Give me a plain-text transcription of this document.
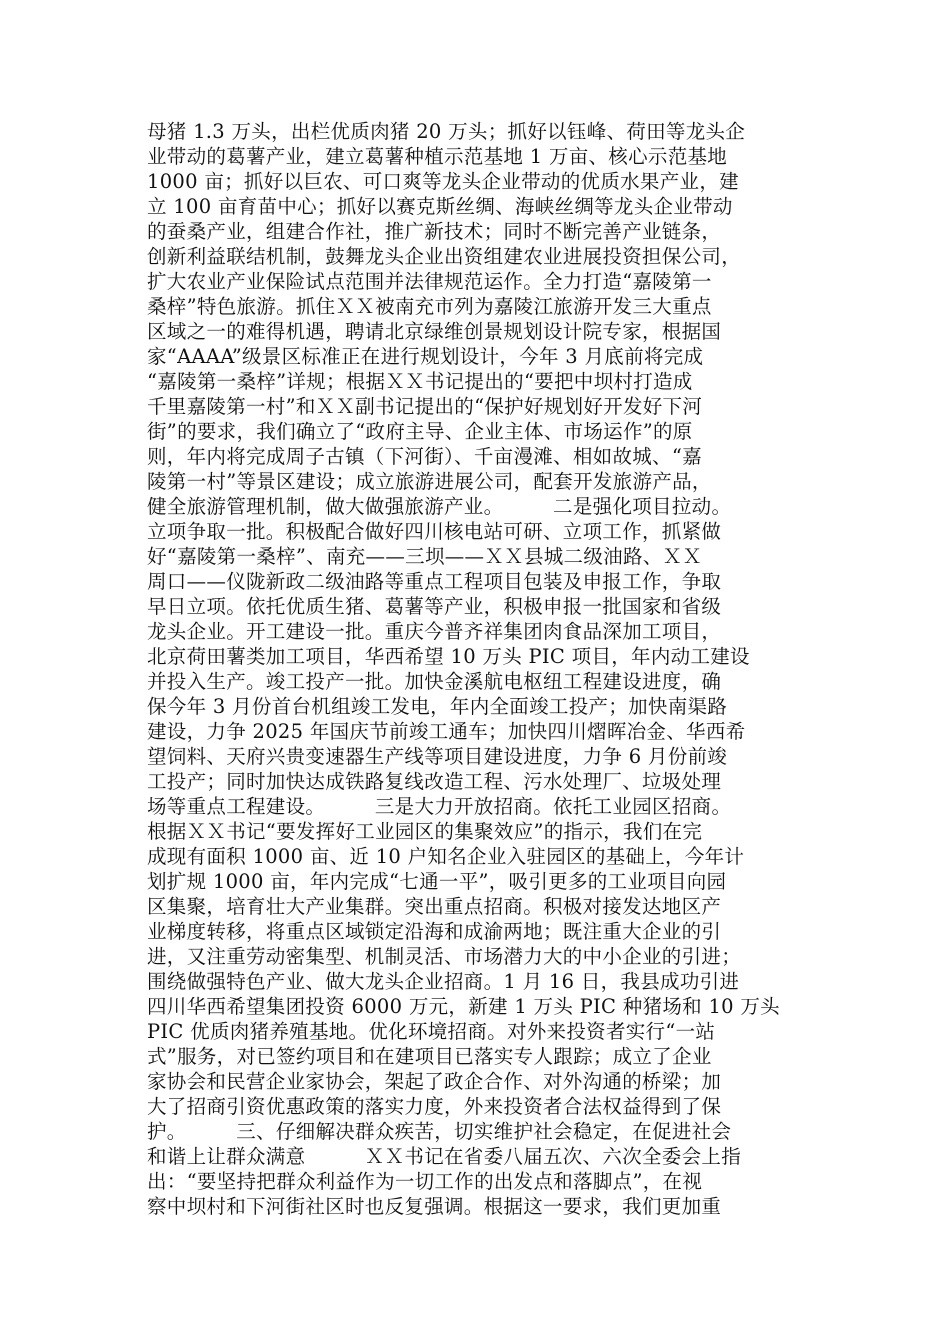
母猪 1.3 万头，出栏优质肉猪 20 万头；抓好以钰峰、荷田等龙头企
业带动的葛薯产业，建立葛薯种植示范基地 1 万亩、核心示范基地
1000 亩；抓好以巨农、可口爽等龙头企业带动的优质水果产业，建
立 100 亩育苗中心；抓好以赛克斯丝绸、海峡丝绸等龙头企业带动
的蚕桑产业，组建合作社，推广新技术；同时不断完善产业链条，
创新利益联结机制，鼓舞龙头企业出资组建农业进展投资担保公司，
扩大农业产业保险试点范围并法律规范运作。全力打造“嘉陵第一
桑梓”特色旅游。抓住ＸＸ被南充市列为嘉陵江旅游开发三大重点
区域之一的难得机遇，聘请北京绿维创景规划设计院专家，根据国
家“AAAA”级景区标准正在进行规划设计，今年 3 月底前将完成
“嘉陵第一桑梓”详规；根据ＸＸ书记提出的“要把中坝村打造成
千里嘉陵第一村”和ＸＸ副书记提出的“保护好规划好开发好下河
街”的要求，我们确立了“政府主导、企业主体、市场运作”的原
则，年内将完成周子古镇（下河街）、千亩漫滩、相如故城、“嘉
陵第一村”等景区建设；成立旅游进展公司，配套开发旅游产品，
健全旅游管理机制，做大做强旅游产业。　　　二是强化项目拉动。
立项争取一批。积极配合做好四川核电站可研、立项工作，抓紧做
好“嘉陵第一桑梓”、南充——三坝——ＸＸ县城二级油路、ＸＸ
周口——仪陇新政二级油路等重点工程项目包装及申报工作，争取
早日立项。依托优质生猪、葛薯等产业，积极申报一批国家和省级
龙头企业。开工建设一批。重庆今普齐祥集团肉食品深加工项目，
北京荷田薯类加工项目，华西希望 10 万头 PIC 项目，年内动工建设
并投入生产。竣工投产一批。加快金溪航电枢纽工程建设进度，确
保今年 3 月份首台机组竣工发电，年内全面竣工投产；加快南渠路
建设，力争 2025 年国庆节前竣工通车；加快四川熠晖冶金、华西希
望饲料、天府兴贵变速器生产线等项目建设进度，力争 6 月份前竣
工投产；同时加快达成铁路复线改造工程、污水处理厂、垃圾处理
场等重点工程建设。　　　三是大力开放招商。依托工业园区招商。
根据ＸＸ书记“要发挥好工业园区的集聚效应”的指示，我们在完
成现有面积 1000 亩、近 10 户知名企业入驻园区的基础上，今年计
划扩规 1000 亩，年内完成“七通一平”，吸引更多的工业项目向园
区集聚，培育壮大产业集群。突出重点招商。积极对接发达地区产
业梯度转移，将重点区域锁定沿海和成渝两地；既注重大企业的引
进，又注重劳动密集型、机制灵活、市场潜力大的中小企业的引进；
围绕做强特色产业、做大龙头企业招商。1 月 16 日，我县成功引进
四川华西希望集团投资 6000 万元，新建 1 万头 PIC 种猪场和 10 万头
PIC 优质肉猪养殖基地。优化环境招商。对外来投资者实行“一站
式”服务，对已签约项目和在建项目已落实专人跟踪；成立了企业
家协会和民营企业家协会，架起了政企合作、对外沟通的桥梁；加
大了招商引资优惠政策的落实力度，外来投资者合法权益得到了保
护。　　　三、仔细解决群众疾苦，切实维护社会稳定，在促进社会
和谐上让群众满意　　　ＸＸ书记在省委八届五次、六次全委会上指
出：“要坚持把群众利益作为一切工作的出发点和落脚点”，在视
察中坝村和下河街社区时也反复强调。根据这一要求，我们更加重
